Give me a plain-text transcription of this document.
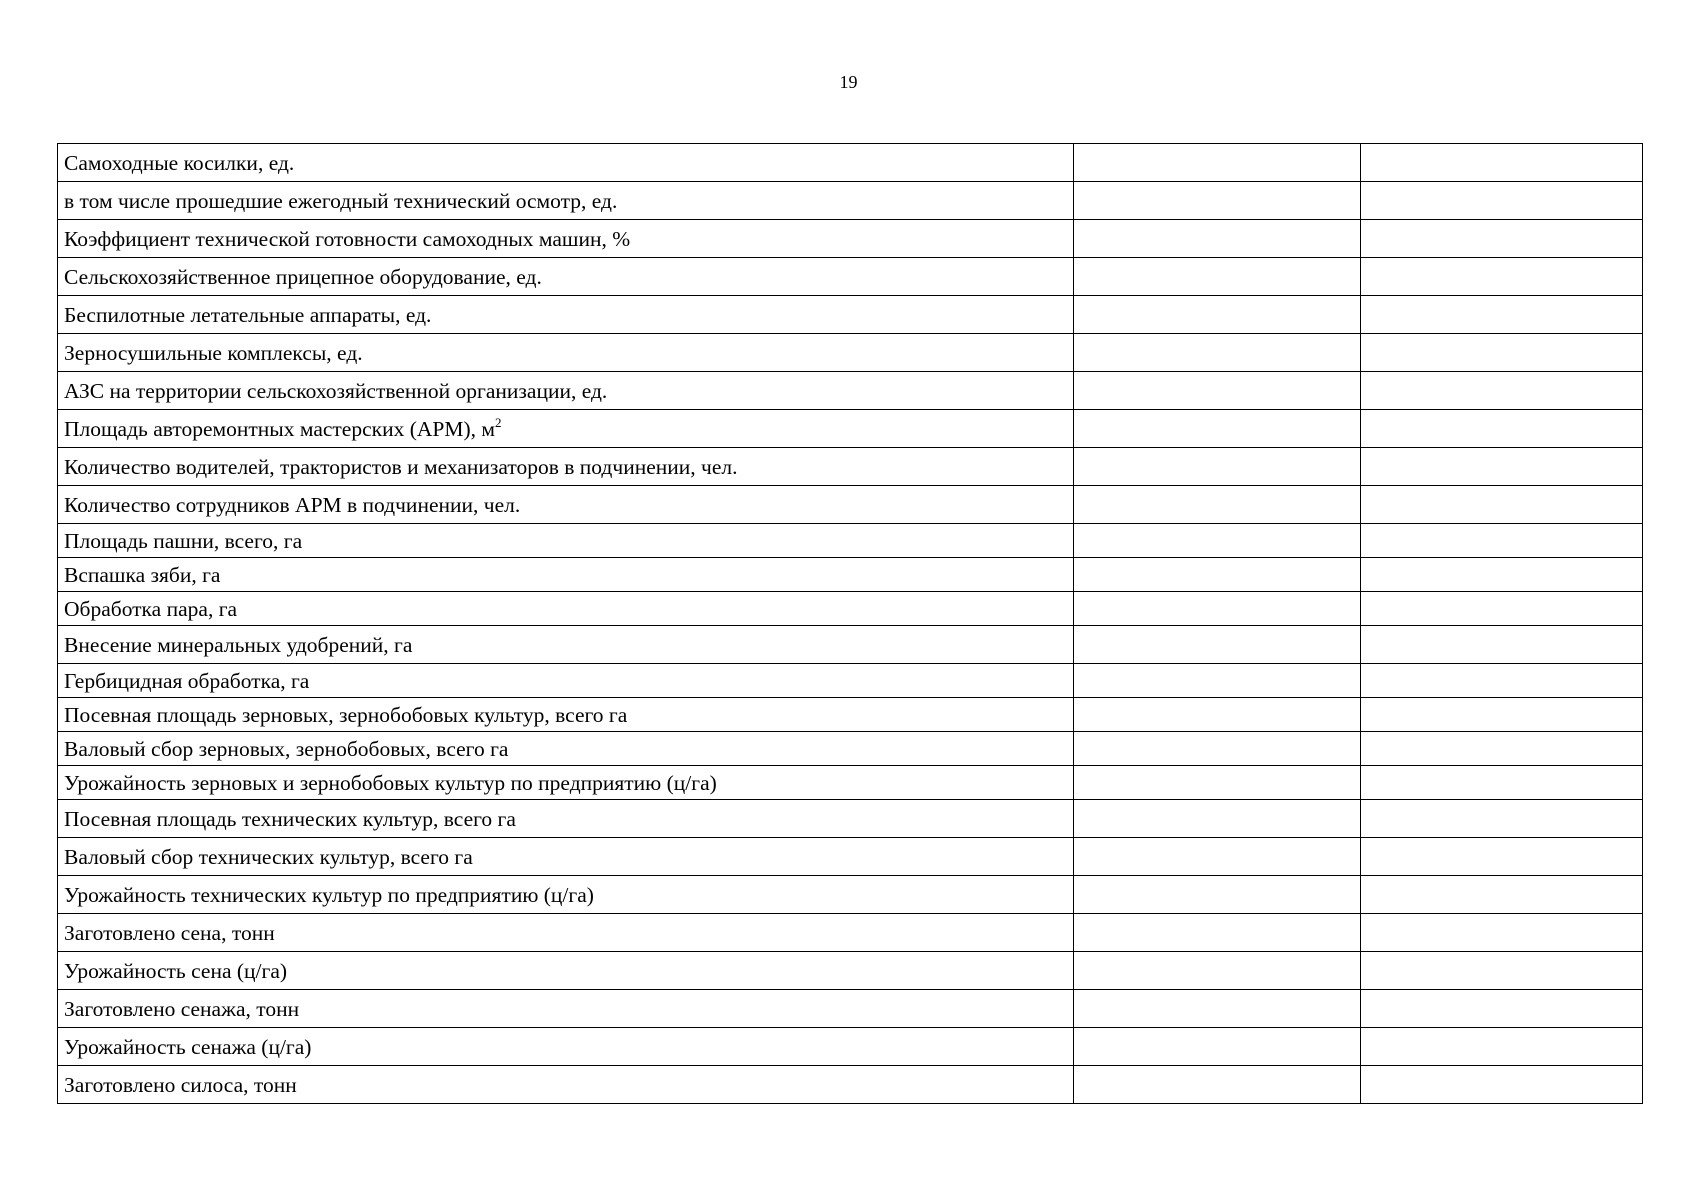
19
Самоходные косилки, ед.		
в том числе прошедшие ежегодный технический осмотр, ед.		
Коэффициент технической готовности самоходных машин, %		
Сельскохозяйственное прицепное оборудование, ед.		
Беспилотные летательные аппараты, ед.		
Зерносушильные комплексы, ед.		
АЗС на территории сельскохозяйственной организации, ед.		
Площадь авторемонтных мастерских (АРМ), $м^2$		
Количество водителей, трактористов и механизаторов в подчинении, чел.		
Количество сотрудников АРМ в подчинении, чел.		
Площадь пашни, всего, га		
Вспашка зяби, га		
Обработка пара, га		
Внесение минеральных удобрений, га		
Гербицидная обработка, га		
Посевная площадь зерновых, зернобобовых культур, всего га		
Валовый сбор зерновых, зернобобовых, всего га		
Урожайность зерновых и зернобобовых культур по предприятию (ц/га)		
Посевная площадь технических культур, всего га		
Валовый сбор технических культур, всего га		
Урожайность технических культур по предприятию (ц/га)		
Заготовлено сена, тонн		
Урожайность сена (ц/га)		
Заготовлено сенажа, тонн		
Урожайность сенажа (ц/га)		
Заготовлено силоса, тонн		
